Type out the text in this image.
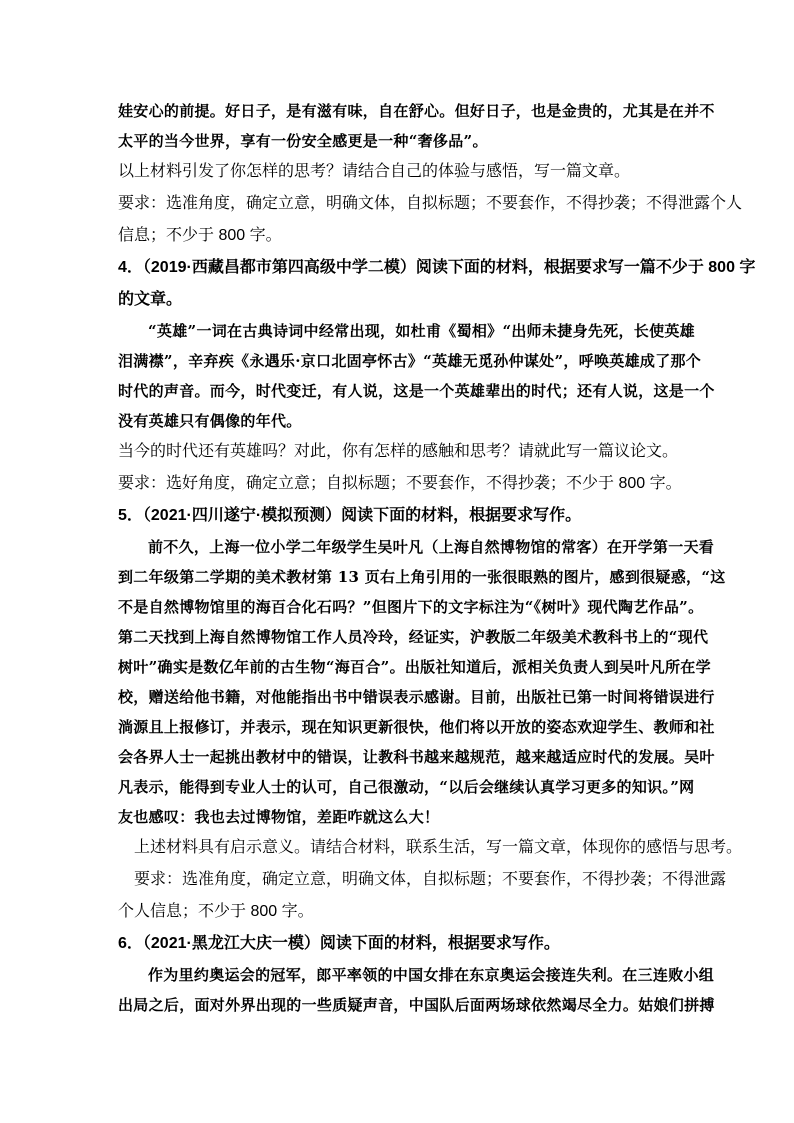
娃安心的前提。好日子，是有滋有味，自在舒心。但好日子，也是金贵的，尤其是在并不
太平的当今世界，享有一份安全感更是一种“奢侈品”。
以上材料引发了你怎样的思考？请结合自己的体验与感悟，写一篇文章。
要求：选准角度，确定立意，明确文体，自拟标题；不要套作，不得抄袭；不得泄露个人
信息；不少于 800 字。
4．（2019·西藏昌都市第四高级中学二模）阅读下面的材料，根据要求写一篇不少于 800 字
的文章。
“英雄”一词在古典诗词中经常出现，如杜甫《蜀相》“出师未捷身先死，长使英雄
泪满襟”，辛弃疾《永遇乐·京口北固亭怀古》“英雄无觅孙仲谋处”，呼唤英雄成了那个
时代的声音。而今，时代变迁，有人说，这是一个英雄辈出的时代；还有人说，这是一个
没有英雄只有偶像的年代。
当今的时代还有英雄吗？对此，你有怎样的感触和思考？请就此写一篇议论文。
要求：选好角度，确定立意；自拟标题；不要套作，不得抄袭；不少于 800 字。
5．（2021·四川遂宁·模拟预测）阅读下面的材料，根据要求写作。
前不久，上海一位小学二年级学生吴叶凡（上海自然博物馆的常客）在开学第一天看
到二年级第二学期的美术教材第 13 页右上角引用的一张很眼熟的图片，感到很疑惑，“这
不是自然博物馆里的海百合化石吗？”但图片下的文字标注为“《树叶》现代陶艺作品”。
第二天找到上海自然博物馆工作人员冷玲，经证实，沪教版二年级美术教科书上的“现代
树叶”确实是数亿年前的古生物“海百合”。出版社知道后，派相关负责人到吴叶凡所在学
校，赠送给他书籍，对他能指出书中错误表示感谢。目前，出版社已第一时间将错误进行
淌源且上报修订，并表示，现在知识更新很快，他们将以开放的姿态欢迎学生、教师和社
会各界人士一起挑出教材中的错误，让教科书越来越规范，越来越适应时代的发展。吴叶
凡表示，能得到专业人士的认可，自己很激动，“以后会继续认真学习更多的知识。”网
友也感叹：我也去过博物馆，差距咋就这么大！
上述材料具有启示意义。请结合材料，联系生活，写一篇文章，体现你的感悟与思考。
要求：选准角度，确定立意，明确文体，自拟标题；不要套作，不得抄袭；不得泄露
个人信息；不少于 800 字。
6．（2021·黑龙江大庆一模）阅读下面的材料，根据要求写作。
作为里约奥运会的冠军，郎平率领的中国女排在东京奥运会接连失利。在三连败小组
出局之后，面对外界出现的一些质疑声音，中国队后面两场球依然竭尽全力。姑娘们拼搏
